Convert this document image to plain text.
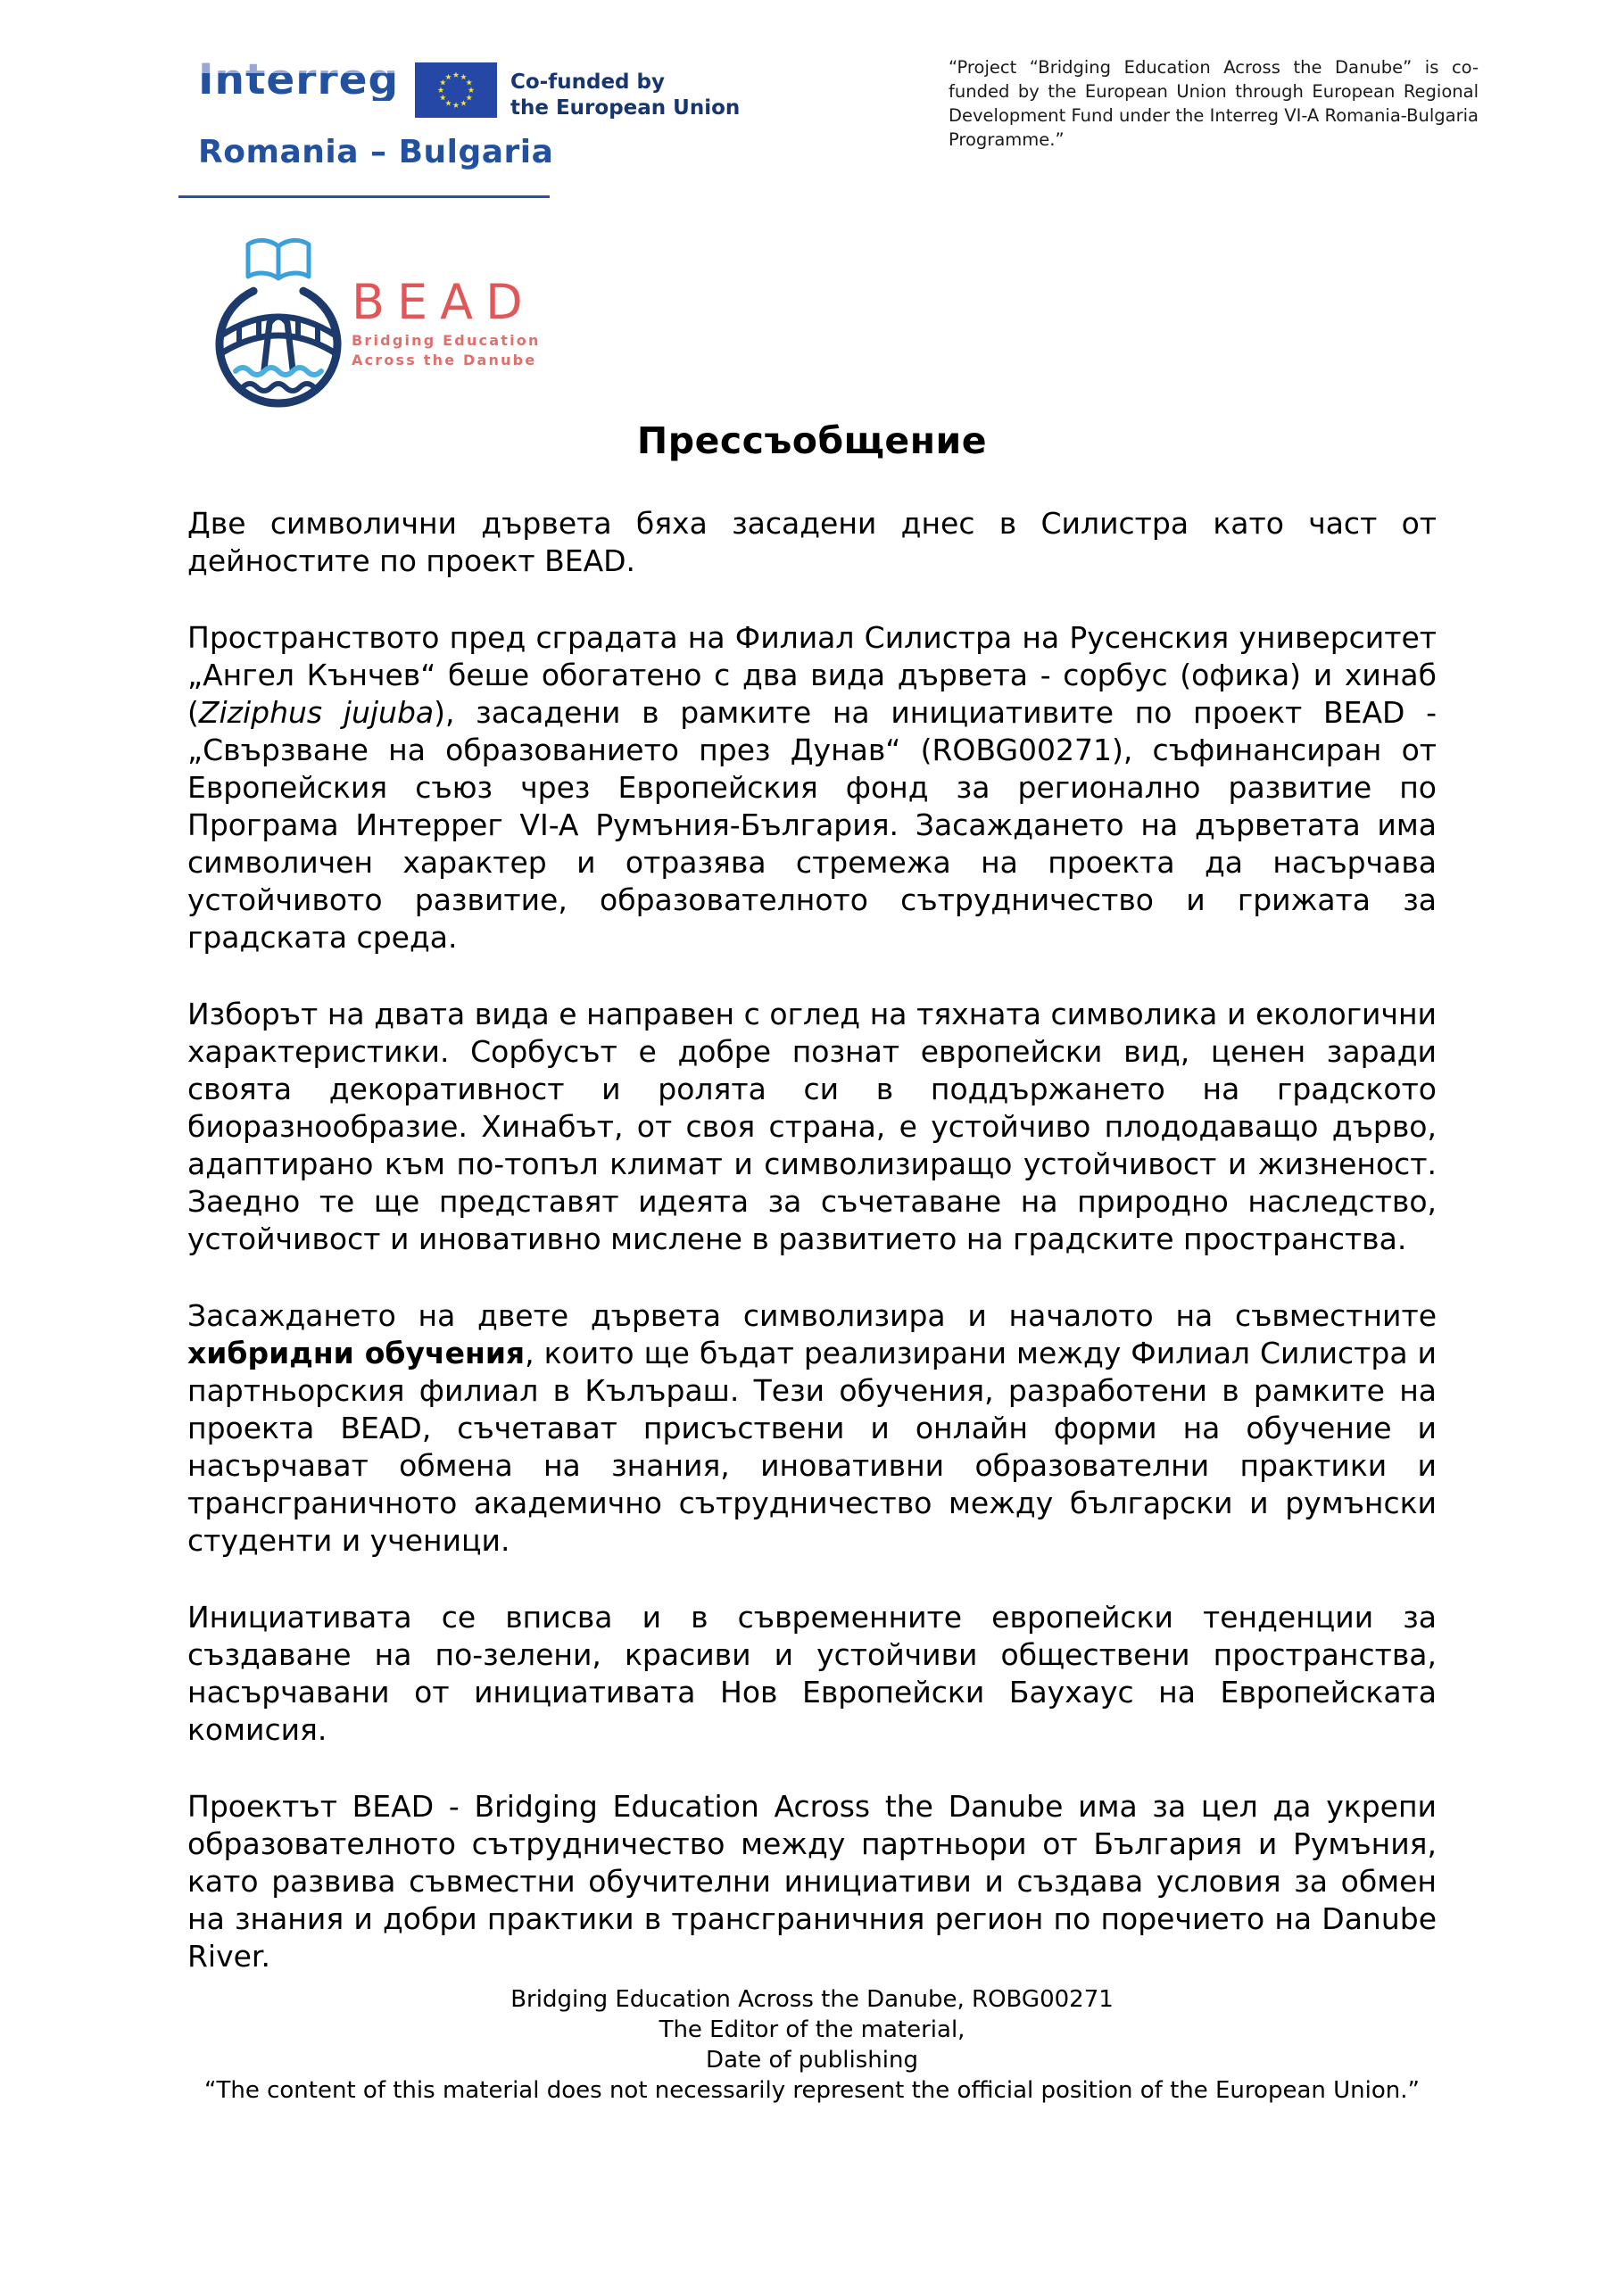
Interreg	Co-funded by
the European Union
Romania – Bulgaria
“Project “Bridging Education Across the Danube” is co-funded by the European Union through European Regional Development Fund under the Interreg VI-A Romania-Bulgaria Programme.”
BEAD
Bridging Education
Across the Danube
Прессъобщение

Две символични дървета бяха засадени днес в Силистра като част от дейностите по проект BEAD.

Пространството пред сградата на Филиал Силистра на Русенския университет „Ангел Кънчев“ беше обогатено с два вида дървета - сорбус (офика) и хинаб (Ziziphus jujuba), засадени в рамките на инициативите по проект BEAD - „Свързване на образованието през Дунав“ (ROBG00271), съфинансиран от Европейския съюз чрез Европейския фонд за регионално развитие по Програма Интеррег VI-A Румъния-България. Засаждането на дърветата има символичен характер и отразява стремежа на проекта да насърчава устойчивото развитие, образователното сътрудничество и грижата за градската среда.

Изборът на двата вида е направен с оглед на тяхната символика и екологични характеристики. Сорбусът е добре познат европейски вид, ценен заради своята декоративност и ролята си в поддържането на градското биоразнообразие. Хинабът, от своя страна, е устойчиво плододаващо дърво, адаптирано към по-топъл климат и символизиращо устойчивост и жизненост. Заедно те ще представят идеята за съчетаване на природно наследство, устойчивост и иновативно мислене в развитието на градските пространства.

Засаждането на двете дървета символизира и началото на съвместните хибридни обучения, които ще бъдат реализирани между Филиал Силистра и партньорския филиал в Кълъраш. Тези обучения, разработени в рамките на проекта BEAD, съчетават присъствени и онлайн форми на обучение и насърчават обмена на знания, иновативни образователни практики и трансграничното академично сътрудничество между български и румънски студенти и ученици.

Инициативата се вписва и в съвременните европейски тенденции за създаване на по-зелени, красиви и устойчиви обществени пространства, насърчавани от инициативата Нов Европейски Баухаус на Европейската комисия.

Проектът BEAD - Bridging Education Across the Danube има за цел да укрепи образователното сътрудничество между партньори от България и Румъния, като развива съвместни обучителни инициативи и създава условия за обмен на знания и добри практики в трансграничния регион по поречието на Danube River.

Bridging Education Across the Danube, ROBG00271
The Editor of the material,
Date of publishing
“The content of this material does not necessarily represent the official position of the European Union.”
